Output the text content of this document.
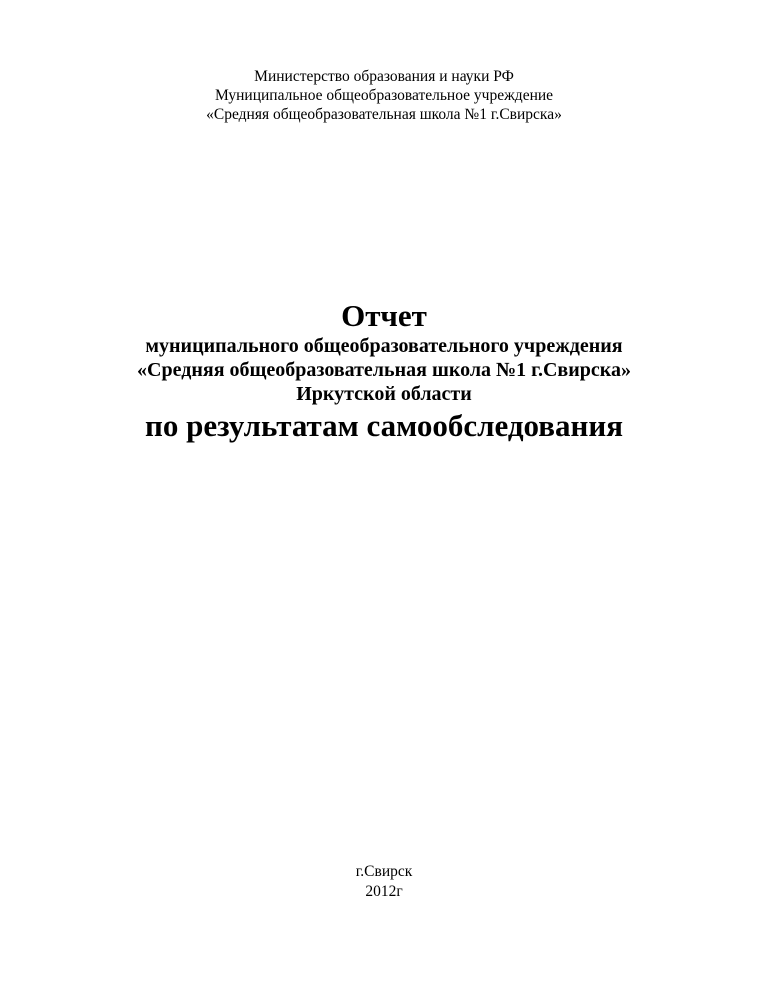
Министерство образования и науки РФ
Муниципальное общеобразовательное учреждение
«Средняя общеобразовательная школа №1 г.Свирска»
Отчет
муниципального общеобразовательного учреждения
«Средняя общеобразовательная школа №1 г.Свирска»
Иркутской области
по результатам самообследования
г.Свирск
2012г
